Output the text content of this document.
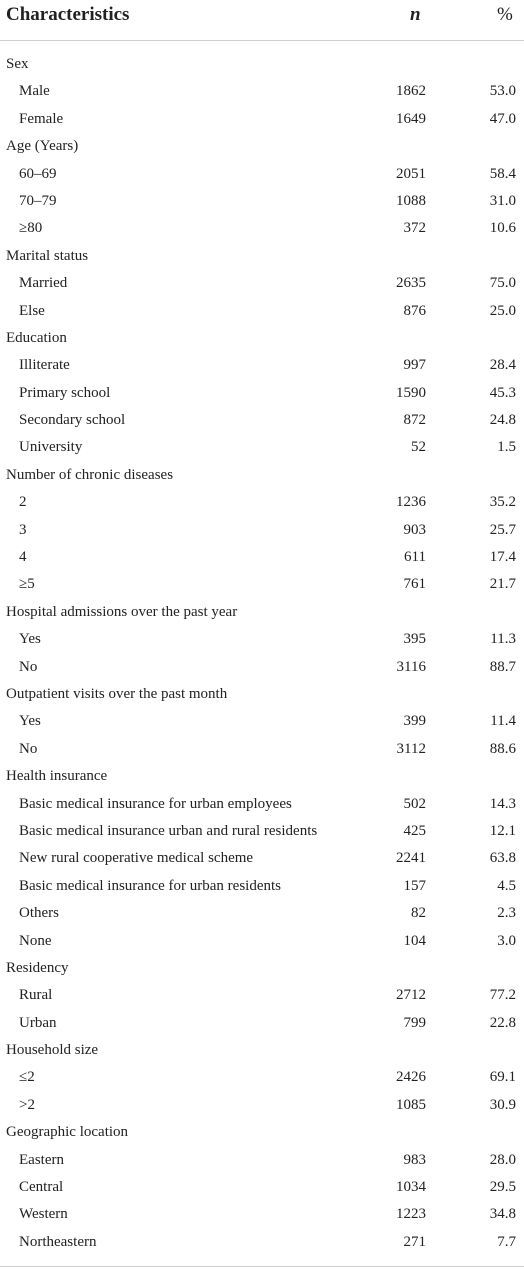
Characteristics	n	%
Sex
Male	1862	53.0
Female	1649	47.0
Age (Years)
60–69	2051	58.4
70–79	1088	31.0
≥80	372	10.6
Marital status
Married	2635	75.0
Else	876	25.0
Education
Illiterate	997	28.4
Primary school	1590	45.3
Secondary school	872	24.8
University	52	1.5
Number of chronic diseases
2	1236	35.2
3	903	25.7
4	611	17.4
≥5	761	21.7
Hospital admissions over the past year
Yes	395	11.3
No	3116	88.7
Outpatient visits over the past month
Yes	399	11.4
No	3112	88.6
Health insurance
Basic medical insurance for urban employees	502	14.3
Basic medical insurance urban and rural residents	425	12.1
New rural cooperative medical scheme	2241	63.8
Basic medical insurance for urban residents	157	4.5
Others	82	2.3
None	104	3.0
Residency
Rural	2712	77.2
Urban	799	22.8
Household size
≤2	2426	69.1
>2	1085	30.9
Geographic location
Eastern	983	28.0
Central	1034	29.5
Western	1223	34.8
Northeastern	271	7.7
